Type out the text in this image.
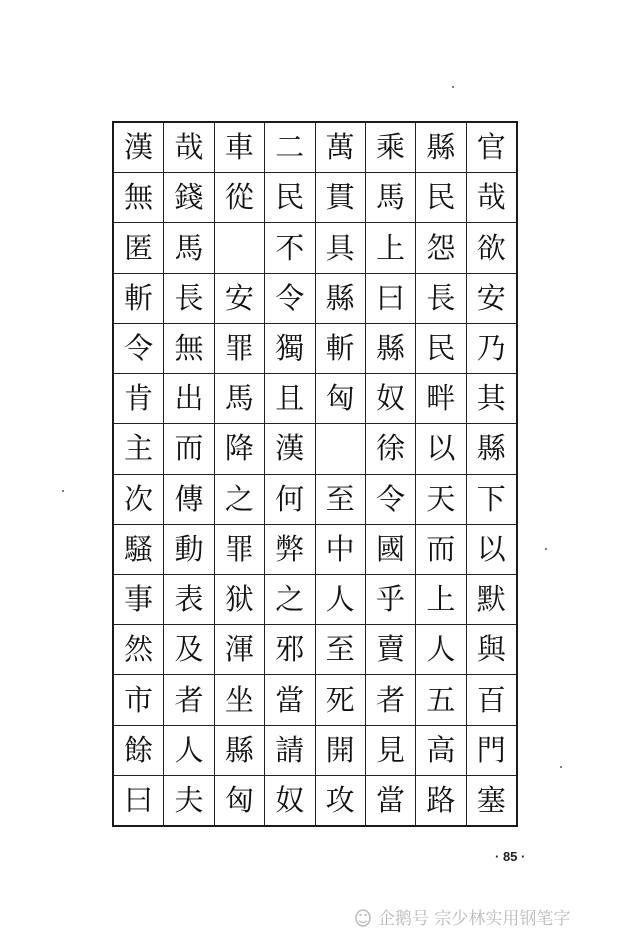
官
哉
欲
安
乃
其
縣
下
以
默
與
百
門
塞
縣
民
怨
長
民
畔
以
天
而
上
人
五
高
路
乘
馬
上
曰
縣
奴
徐
令
國
乎
賣
者
見
當
萬
貫
具
縣
斬
匈
至
中
人
至
死
開
攻
二
民
不
令
獨
且
漢
何
弊
之
邪
當
請
奴
車
從
安
罪
馬
降
之
罪
狱
渾
坐
縣
匈
哉
錢
馬
長
無
出
而
傳
動
表
及
者
人
夫
漢
無
匿
斬
令
肯
主
次
騷
事
然
市
餘
曰
· 85 ·
企鹅号 宗少林实用钢笔字
